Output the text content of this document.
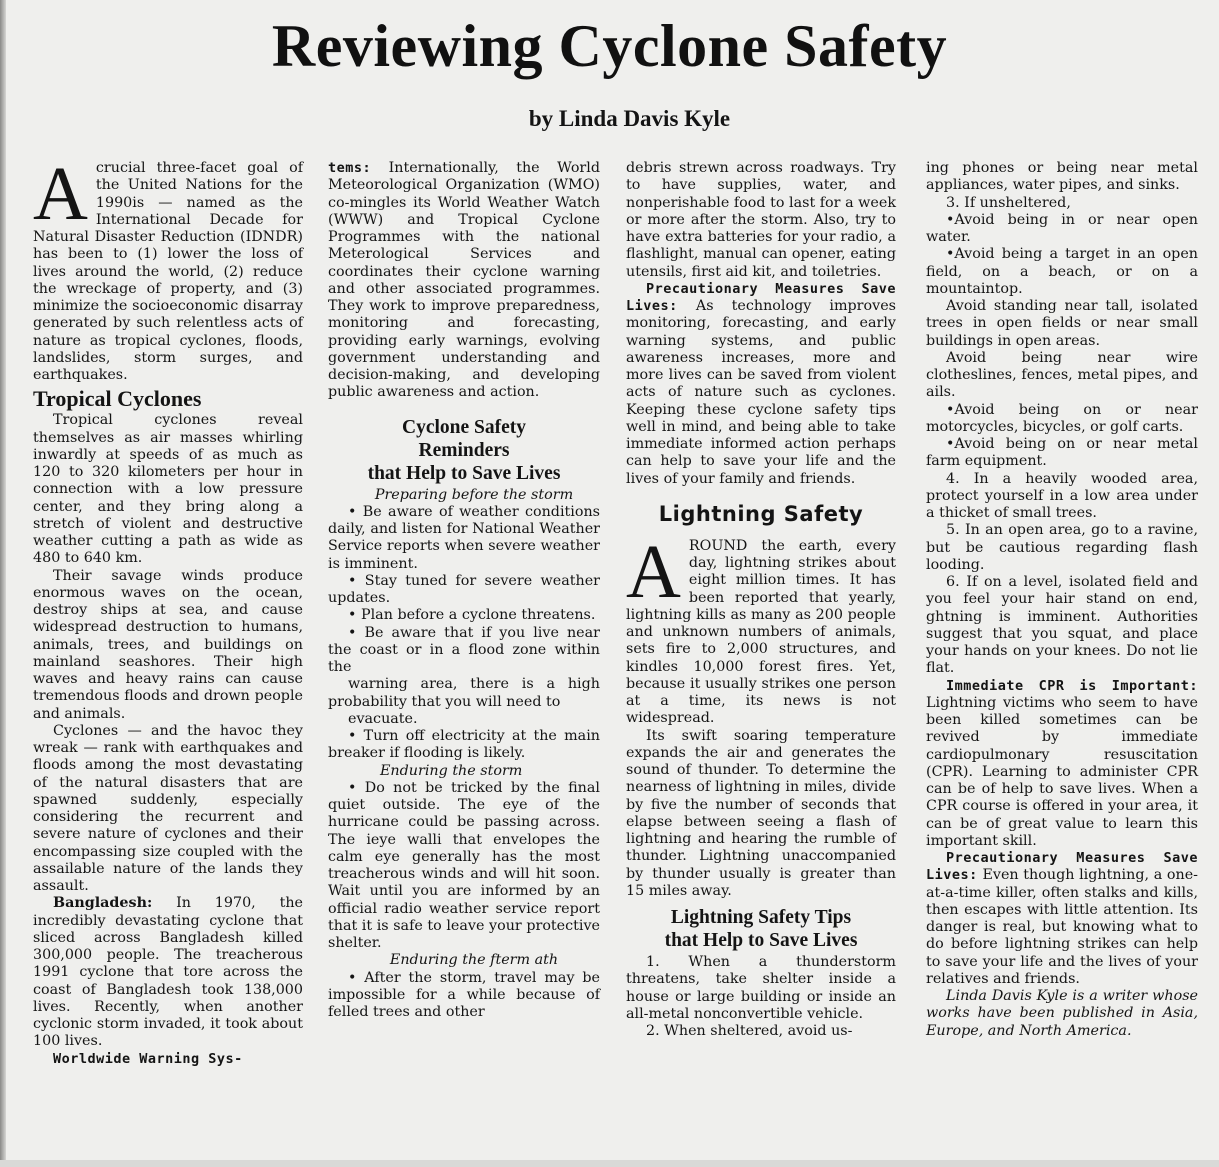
Reviewing Cyclone Safety
by Linda Davis Kyle

Acrucial three-facet goal of the United Nations for the 1990is — named as the International Decade for Natural Disaster Reduction (IDNDR) has been to (1) lower the loss of lives around the world, (2) reduce the wreckage of property, and (3) minimize the socioeconomic disarray generated by such relentless acts of nature as tropical cyclones, floods, landslides, storm surges, and earthquakes.

Tropical Cyclones

Tropical cyclones reveal themselves as air masses whirling inwardly at speeds of as much as 120 to 320 kilometers per hour in connection with a low pressure center, and they bring along a stretch of violent and destructive weather cutting a path as wide as 480 to 640 km.

Their savage winds produce enormous waves on the ocean, destroy ships at sea, and cause widespread destruction to humans, animals, trees, and buildings on mainland seashores. Their high waves and heavy rains can cause tremendous floods and drown people and animals.

Cyclones — and the havoc they wreak — rank with earthquakes and floods among the most devastating of the natural disasters that are spawned suddenly, especially considering the recurrent and severe nature of cyclones and their encompassing size coupled with the assailable nature of the lands they assault.

Bangladesh: In 1970, the incredibly devastating cyclone that sliced across Bangladesh killed 300,000 people. The treacherous 1991 cyclone that tore across the coast of Bangladesh took 138,000 lives. Recently, when another cyclonic storm invaded, it took about 100 lives.

Worldwide Warning Sys-

tems: Internationally, the World Meteorological Organization (WMO) co-mingles its World Weather Watch (WWW) and Tropical Cyclone Programmes with the national Meterological Services and coordinates their cyclone warning and other associated programmes. They work to improve preparedness, monitoring and forecasting, providing early warnings, evolving government understanding and decision-making, and developing public awareness and action.

Cyclone Safety
Reminders
that Help to Save Lives

Preparing before the storm

• Be aware of weather conditions daily, and listen for National Weather Service reports when severe weather is imminent.

• Stay tuned for severe weather updates.

• Plan before a cyclone threatens.

• Be aware that if you live near the coast or in a flood zone within the

warning area, there is a high probability that you will need to

evacuate.

• Turn off electricity at the main breaker if flooding is likely.

Enduring the storm

• Do not be tricked by the final quiet outside. The eye of the hurricane could be passing across. The ieye walli that envelopes the calm eye generally has the most treacherous winds and will hit soon. Wait until you are informed by an official radio weather service report that it is safe to leave your protective shelter.

Enduring the fterm ath

• After the storm, travel may be impossible for a while because of felled trees and other

debris strewn across roadways. Try to have supplies, water, and nonperishable food to last for a week or more after the storm. Also, try to have extra batteries for your radio, a flashlight, manual can opener, eating utensils, first aid kit, and toiletries.

Precautionary Measures Save Lives: As technology improves monitoring, forecasting, and early warning systems, and public awareness increases, more and more lives can be saved from violent acts of nature such as cyclones. Keeping these cyclone safety tips well in mind, and being able to take immediate informed action perhaps can help to save your life and the lives of your family and friends.

Lightning Safety

AROUND the earth, every day, lightning strikes about eight million times. It has been reported that yearly, lightning kills as many as 200 people and unknown numbers of animals, sets fire to 2,000 structures, and kindles 10,000 forest fires. Yet, because it usually strikes one person at a time, its news is not widespread.

Its swift soaring temperature expands the air and generates the sound of thunder. To determine the nearness of lightning in miles, divide by five the number of seconds that elapse between seeing a flash of lightning and hearing the rumble of thunder. Lightning unaccompanied by thunder usually is greater than 15 miles away.

Lightning Safety Tips
that Help to Save Lives

1. When a thunderstorm threatens, take shelter inside a house or large building or inside an all-metal nonconvertible vehicle.

2. When sheltered, avoid us-

ing phones or being near metal appliances, water pipes, and sinks.

3. If unsheltered,

•Avoid being in or near open water.

•Avoid being a target in an open field, on a beach, or on a mountaintop.

Avoid standing near tall, isolated trees in open fields or near small buildings in open areas.

Avoid being near wire clotheslines, fences, metal pipes, and ails.

•Avoid being on or near motorcycles, bicycles, or golf carts.

•Avoid being on or near metal farm equipment.

4. In a heavily wooded area, protect yourself in a low area under a thicket of small trees.

5. In an open area, go to a ravine, but be cautious regarding flash looding.

6. If on a level, isolated field and you feel your hair stand on end, ghtning is imminent. Authorities suggest that you squat, and place your hands on your knees. Do not lie flat.

Immediate CPR is Important: Lightning victims who seem to have been killed sometimes can be revived by immediate cardiopulmonary resuscitation (CPR). Learning to administer CPR can be of help to save lives. When a CPR course is offered in your area, it can be of great value to learn this important skill.

Precautionary Measures Save Lives: Even though lightning, a one-at-a-time killer, often stalks and kills, then escapes with little attention. Its danger is real, but knowing what to do before lightning strikes can help to save your life and the lives of your relatives and friends.

Linda Davis Kyle is a writer whose works have been published in Asia, Europe, and North America.
